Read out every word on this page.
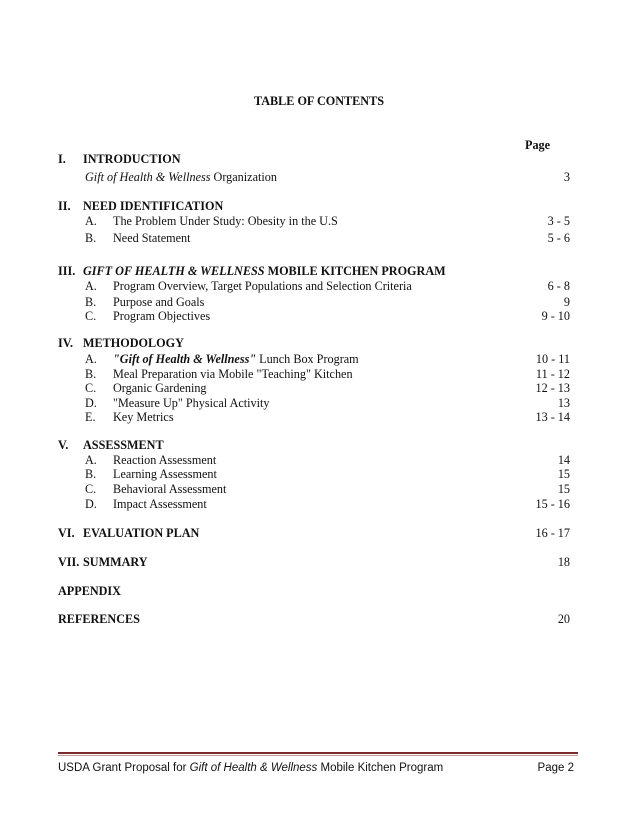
TABLE OF CONTENTS
Page
I. INTRODUCTION
Gift of Health & Wellness Organization	3
II. NEED IDENTIFICATION
A. The Problem Under Study: Obesity in the U.S	3 - 5
B. Need Statement	5 - 6
III. GIFT OF HEALTH & WELLNESS MOBILE KITCHEN PROGRAM
A. Program Overview, Target Populations and Selection Criteria	6 - 8
B. Purpose and Goals	9
C. Program Objectives	9 - 10
IV. METHODOLOGY
A. "Gift of Health & Wellness" Lunch Box Program	10 - 11
B. Meal Preparation via Mobile "Teaching" Kitchen	11 - 12
C. Organic Gardening	12 - 13
D. "Measure Up" Physical Activity	13
E. Key Metrics	13 - 14
V. ASSESSMENT
A. Reaction Assessment	14
B. Learning Assessment	15
C. Behavioral Assessment	15
D. Impact Assessment	15 - 16
VI. EVALUATION PLAN	16 - 17
VII. SUMMARY	18
APPENDIX
REFERENCES	20
USDA Grant Proposal for Gift of Health & Wellness Mobile Kitchen Program	Page 2
